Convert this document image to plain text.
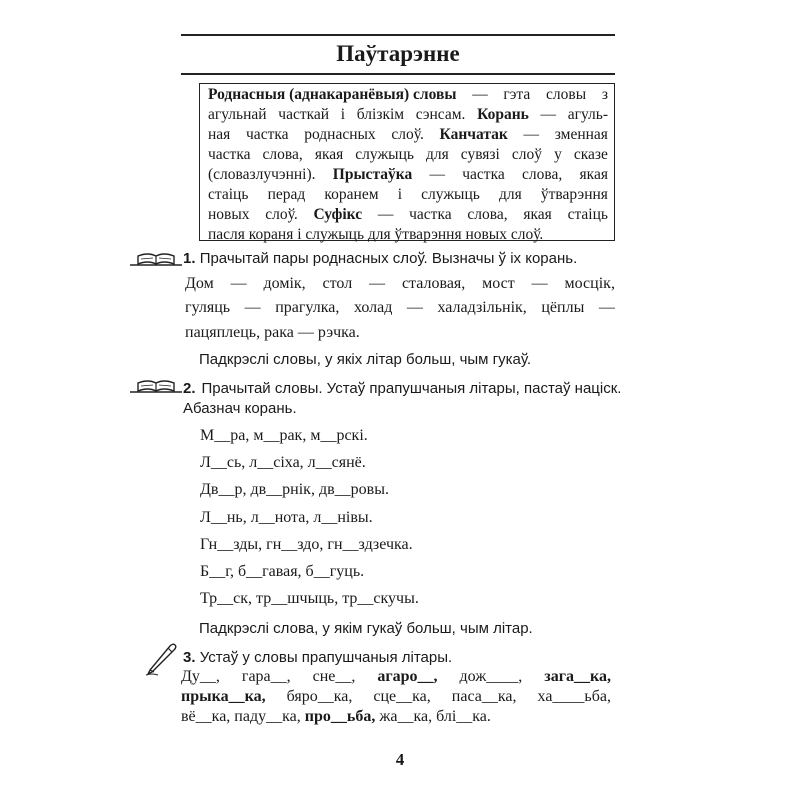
Паўтарэнне
Роднасныя (аднакаранёвыя) словы — гэта словы з
агульнай часткай і блізкім сэнсам. Корань — агуль-
ная частка роднасных слоў. Канчатак — зменная
частка слова, якая служыць для сувязі слоў у сказе
(словазлучэнні). Прыстаўка — частка слова, якая
стаіць перад коранем і служыць для ўтварэння
новых слоў. Суфікс — частка слова, якая стаіць
пасля кораня і служыць для ўтварэння новых слоў.
1. Прачытай пары роднасных слоў. Вызначы ў іх корань.
Дом — домік, стол — сталовая, мост — мосцік,
гуляць — прагулка, холад — халадзільнік, цёплы —
пацяплець, рака — рэчка.
Падкрэслі словы, у якіх літар больш, чым гукаў.
2. Прачытай словы. Устаў прапушчаныя літары, пастаў націск.
Абазнач корань.
М__ра, м__рак, м__рскі.
Л__сь, л__сіха, л__сянё.
Дв__р, дв__рнік, дв__ровы.
Л__нь, л__нота, л__нівы.
Гн__зды, гн__здо, гн__здзечка.
Б__г, б__гавая, б__гуць.
Тр__ск, тр__шчыць, тр__скучы.
Падкрэслі слова, у якім гукаў больш, чым літар.
3. Устаў у словы прапушчаныя літары.
Ду__, гара__, сне__, агаро__, дож____, зага__ка,
прыка__ка, бяро__ка, сце__ка, паса__ка, ха____ьба,
вё__ка, паду__ка, про__ьба, жа__ка, блі__ка.
4
